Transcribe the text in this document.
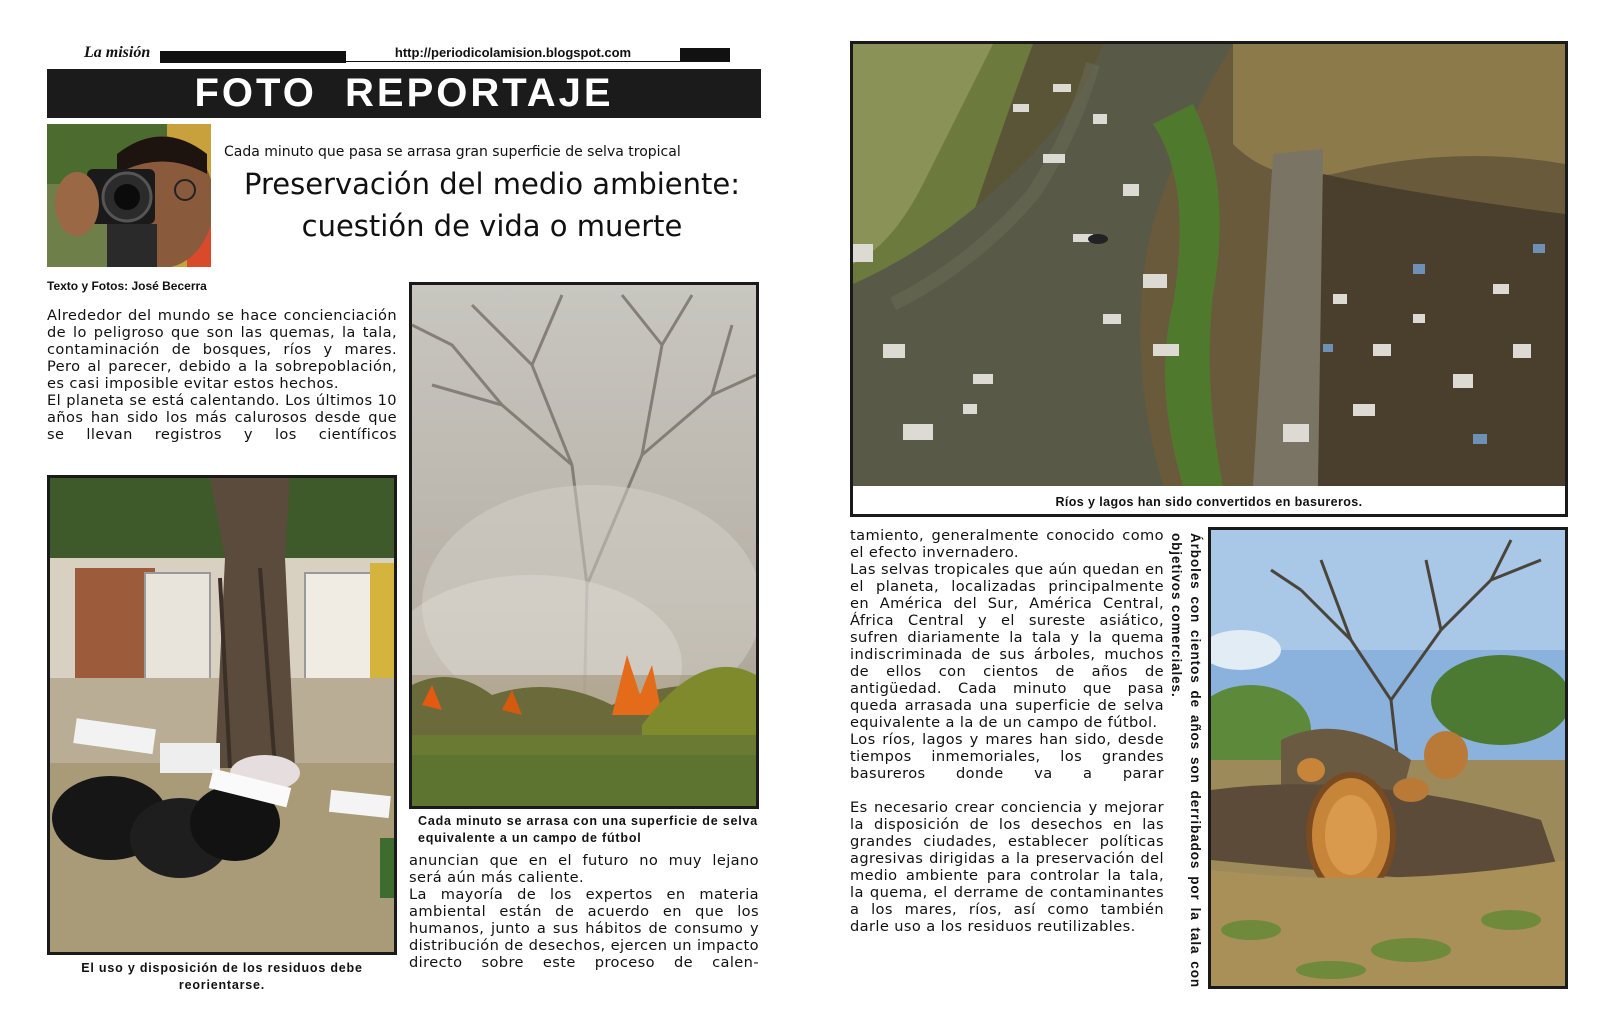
La misión	http://periodicolamision.blogspot.com
FOTO  REPORTAJE
Cada minuto que pasa se arrasa gran superficie de selva tropical
Preservación del medio ambiente:
cuestión de vida o muerte
Texto y Fotos: José Becerra

Alrededor del mundo se hace concienciación de lo peligroso que son las quemas, la tala, contaminación de bosques, ríos y mares. Pero al parecer, debido a la sobrepoblación, es casi imposible evitar estos hechos.

El planeta se está calentando. Los últimos 10 años han sido los más calurosos desde que se llevan registros y los científicos

El uso y disposición de los residuos debe reorientarse.
Cada minuto se arrasa con una superficie de selva equivalente a un campo de fútbol

anuncian que en el futuro no muy lejano será aún más caliente.

La mayoría de los expertos en materia ambiental están de acuerdo en que los humanos, junto a sus hábitos de consumo y distribución de desechos, ejercen un impacto directo sobre este proceso de calen-

Ríos y lagos han sido convertidos en basureros.

tamiento, generalmente conocido como el efecto invernadero.

Las selvas tropicales que aún quedan en el planeta, localizadas principalmente en América del Sur, América Central, África Central y el sureste asiático, sufren diariamente la tala y la quema indiscriminada de sus árboles, muchos de ellos con cientos de años de antigüedad. Cada minuto que pasa queda arrasada una superficie de selva equivalente a la de un campo de fútbol.

Los ríos, lagos y mares han sido, desde tiempos inmemoriales, los grandes basureros donde va a parar

Es necesario crear conciencia y mejorar la disposición de los desechos en las grandes ciudades, establecer políticas agresivas dirigidas a la preservación del medio ambiente para controlar la tala, la quema, el derrame de contaminantes a los mares, ríos, así como también darle uso a los residuos reutilizables.	Árboles con cientos de años son derribados por la tala con objetivos comerciales.
